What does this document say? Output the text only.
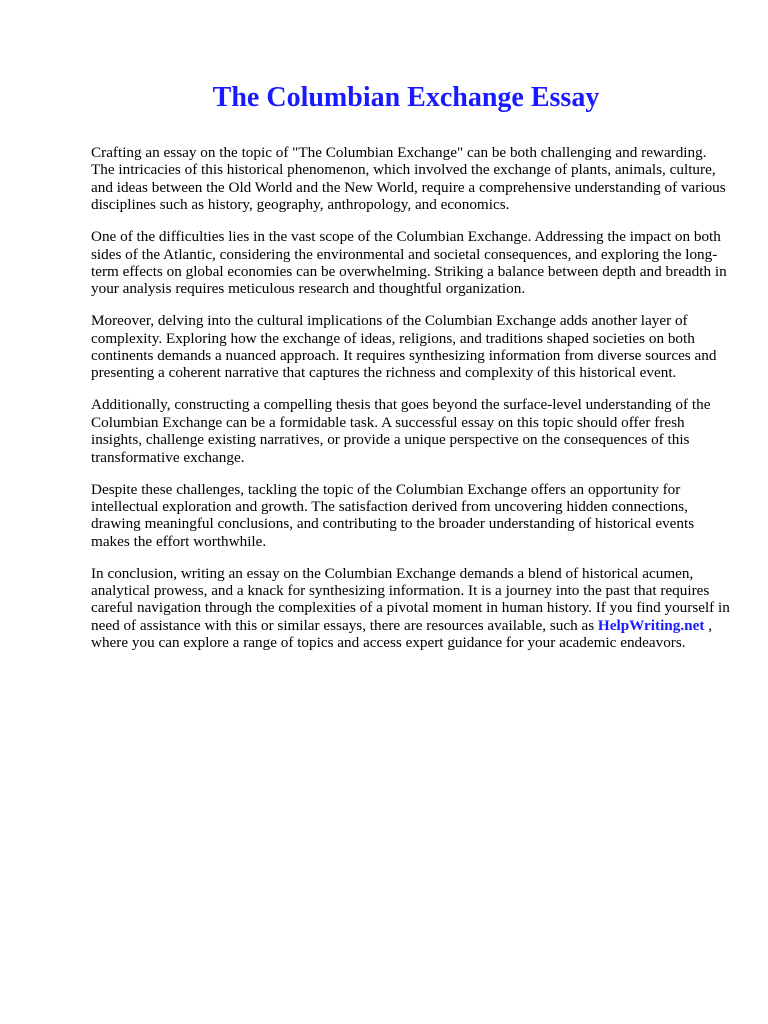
The Columbian Exchange Essay

Crafting an essay on the topic of "The Columbian Exchange" can be both challenging and rewarding. The intricacies of this historical phenomenon, which involved the exchange of plants, animals, culture, and ideas between the Old World and the New World, require a comprehensive understanding of various disciplines such as history, geography, anthropology, and economics.

One of the difficulties lies in the vast scope of the Columbian Exchange. Addressing the impact on both sides of the Atlantic, considering the environmental and societal consequences, and exploring the long-term effects on global economies can be overwhelming. Striking a balance between depth and breadth in your analysis requires meticulous research and thoughtful organization.

Moreover, delving into the cultural implications of the Columbian Exchange adds another layer of complexity. Exploring how the exchange of ideas, religions, and traditions shaped societies on both continents demands a nuanced approach. It requires synthesizing information from diverse sources and presenting a coherent narrative that captures the richness and complexity of this historical event.

Additionally, constructing a compelling thesis that goes beyond the surface-level understanding of the Columbian Exchange can be a formidable task. A successful essay on this topic should offer fresh insights, challenge existing narratives, or provide a unique perspective on the consequences of this transformative exchange.

Despite these challenges, tackling the topic of the Columbian Exchange offers an opportunity for intellectual exploration and growth. The satisfaction derived from uncovering hidden connections, drawing meaningful conclusions, and contributing to the broader understanding of historical events makes the effort worthwhile.

In conclusion, writing an essay on the Columbian Exchange demands a blend of historical acumen, analytical prowess, and a knack for synthesizing information. It is a journey into the past that requires careful navigation through the complexities of a pivotal moment in human history. If you find yourself in need of assistance with this or similar essays, there are resources available, such as HelpWriting.net , where you can explore a range of topics and access expert guidance for your academic endeavors.
